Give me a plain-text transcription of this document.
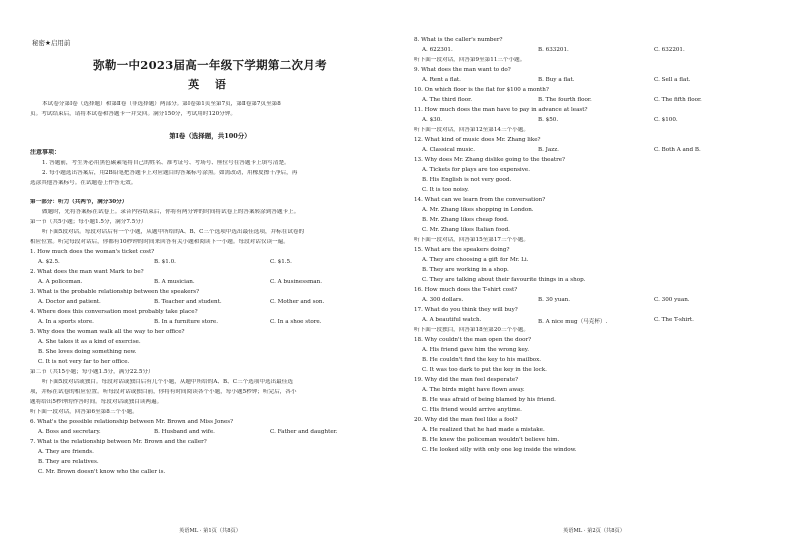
秘密★启用前
弥勒一中2023届高一年级下学期第二次月考
英 语
本试卷分第Ⅰ卷（选择题）和第Ⅱ卷（非选择题）两部分。第Ⅰ卷第1页至第7页，第Ⅱ卷第7页至第8
页。考试结束后，请将本试卷和答题卡一并交回。满分150分，考试用时120分钟。
第Ⅰ卷（选择题，共100分）
注意事项：
1. 答题前，考生务必用黑色碳素笔将自己的姓名、准考证号、考场号、座位号在答题卡上填写清楚。
2. 每小题选出答案后，用2B铅笔把答题卡上对应题目的答案标号涂黑。如需改动，用橡皮擦干净后，再
选涂其他答案标号。在试题卷上作答无效。
第一部分：听力（共两节，满分30分）
做题时，先将答案标在试卷上。录音内容结束后，你将有两分钟的时间将试卷上的答案转涂到答题卡上。
第一节（共5小题；每小题1.5分，满分7.5分）
听下面5段对话。每段对话后有一个小题，从题中所给的A、B、C三个选项中选出最佳选项，并标在试卷的
相应位置。听完每段对话后，你都有10秒钟的时间来回答有关小题和阅读下一小题。每段对话仅读一遍。
1. How much does the woman's ticket cost?
A. $2.5.	B. $1.0.	C. $1.5.
2. What does the man want Mark to be?
A. A policeman.	B. A musician.	C. A businessman.
3. What is the probable relationship between the speakers?
A. Doctor and patient.	B. Teacher and student.	C. Mother and son.
4. Where does this conversation most probably take place?
A. In a sports store.	B. In a furniture store.	C. In a shoe store.
5. Why does the woman walk all the way to her office?
A. She takes it as a kind of exercise.
B. She loves doing something new.
C. It is not very far to her office.
第二节（共15小题；每小题1.5分，满分22.5分）
听下面5段对话或独白。每段对话或独白后有几个小题，从题中所给的A、B、C三个选项中选出最佳选
项，并标在试卷的相应位置。听每段对话或独白前，你将有时间阅读各个小题，每小题5秒钟；听完后，各小
题将给出5秒钟的作答时间。每段对话或独白读两遍。
听下面一段对话，回答第6至第8三个小题。
6. What's the possible relationship between Mr. Brown and Miss Jones?
A. Boss and secretary.	B. Husband and wife.	C. Father and daughter.
7. What is the relationship between Mr. Brown and the caller?
A. They are friends.
B. They are relatives.
C. Mr. Brown doesn't know who the caller is.
英语ML · 第1页（共8页）
8. What is the caller's number?
A. 622301.	B. 633201.	C. 632201.
听下面一段对话，回答第9至第11三个小题。
9. What does the man want to do?
A. Rent a flat.	B. Buy a flat.	C. Sell a flat.
10. On which floor is the flat for $100 a month?
A. The third floor.	B. The fourth floor.	C. The fifth floor.
11. How much does the man have to pay in advance at least?
A. $30.	B. $50.	C. $100.
听下面一段对话，回答第12至第14三个小题。
12. What kind of music does Mr. Zhang like?
A. Classical music.	B. Jazz.	C. Both A and B.
13. Why does Mr. Zhang dislike going to the theatre?
A. Tickets for plays are too expensive.
B. His English is not very good.
C. It is too noisy.
14. What can we learn from the conversation?
A. Mr. Zhang likes shopping in London.
B. Mr. Zhang likes cheap food.
C. Mr. Zhang likes Italian food.
听下面一段对话，回答第15至第17三个小题。
15. What are the speakers doing?
A. They are choosing a gift for Mr. Li.
B. They are working in a shop.
C. They are talking about their favourite things in a shop.
16. How much does the T-shirt cost?
A. 300 dollars.	B. 30 yuan.	C. 300 yuan.
17. What do you think they will buy?
A. A beautiful watch.	B. A nice mug（马克杯）.	C. The T-shirt.
听下面一段独白，回答第18至第20三个小题。
18. Why couldn't the man open the door?
A. His friend gave him the wrong key.
B. He couldn't find the key to his mailbox.
C. It was too dark to put the key in the lock.
19. Why did the man feel desperate?
A. The birds might have flown away.
B. He was afraid of being blamed by his friend.
C. His friend would arrive anytime.
20. Why did the man feel like a fool?
A. He realized that he had made a mistake.
B. He knew the policeman wouldn't believe him.
C. He looked silly with only one leg inside the window.
英语ML · 第2页（共8页）
